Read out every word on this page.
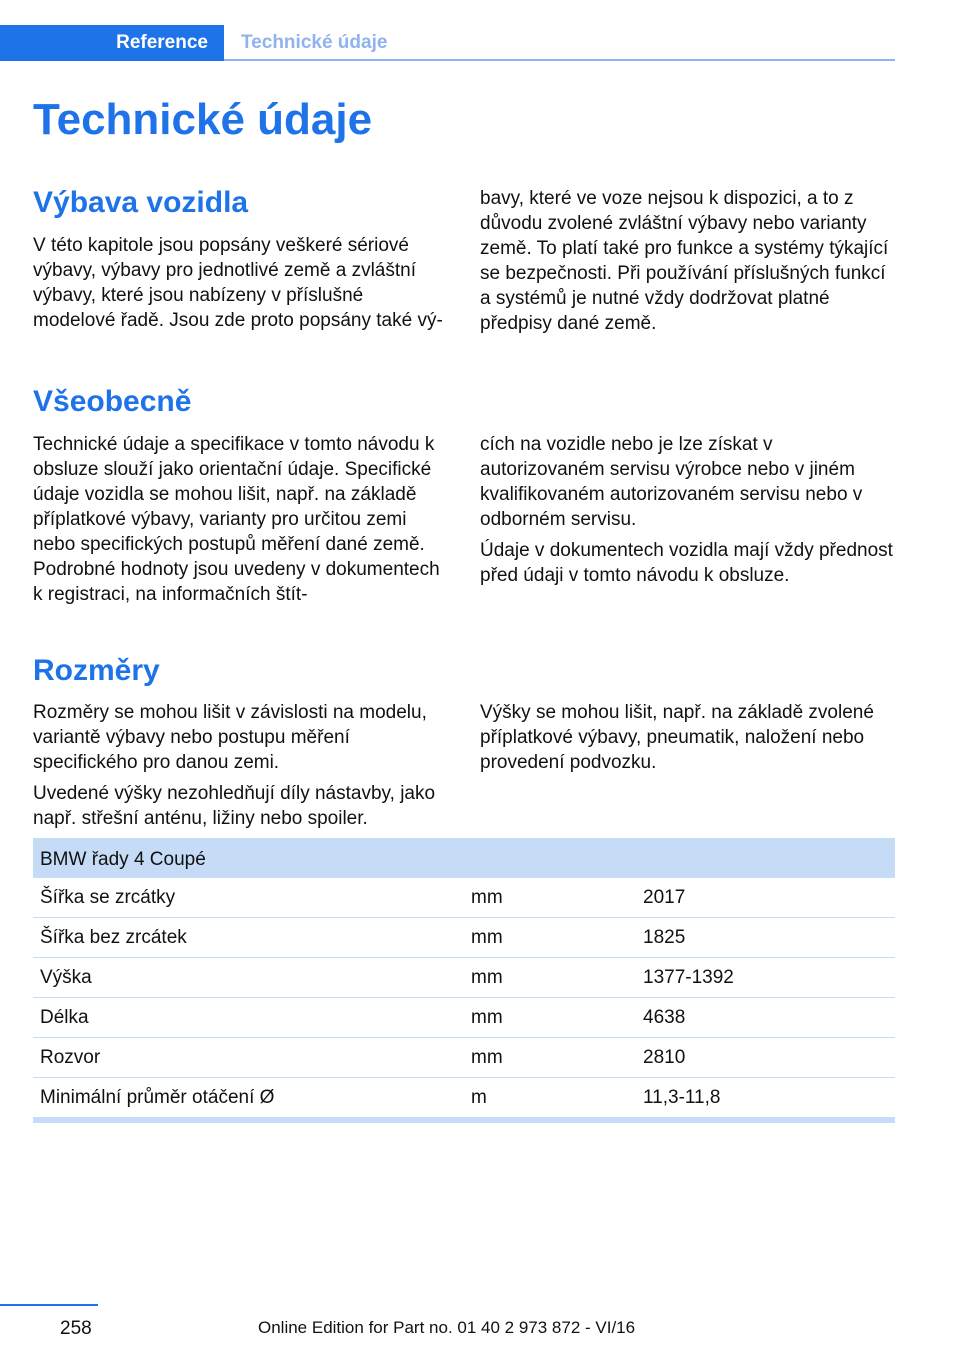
Reference Technické údaje
Technické údaje
Výbava vozidla

V této kapitole jsou popsány veškeré sériové výbavy, výbavy pro jednotlivé země a zvláštní výbavy, které jsou nabízeny v příslušné modelové řadě. Jsou zde proto popsány také vý-

bavy, které ve voze nejsou k dispozici, a to z důvodu zvolené zvláštní výbavy nebo varianty země. To platí také pro funkce a systémy týkající se bezpečnosti. Při používání příslušných funkcí a systémů je nutné vždy dodržovat platné předpisy dané země.

Všeobecně

Technické údaje a specifikace v tomto návodu k obsluze slouží jako orientační údaje. Specifické údaje vozidla se mohou lišit, např. na základě příplatkové výbavy, varianty pro určitou zemi nebo specifických postupů měření dané země. Podrobné hodnoty jsou uvedeny v dokumentech k registraci, na informačních štít-

cích na vozidle nebo je lze získat v autorizovaném servisu výrobce nebo v jiném kvalifikovaném autorizovaném servisu nebo v odborném servisu.

Údaje v dokumentech vozidla mají vždy přednost před údaji v tomto návodu k obsluze.

Rozměry

Rozměry se mohou lišit v závislosti na modelu, variantě výbavy nebo postupu měření specifického pro danou zemi.

Uvedené výšky nezohledňují díly nástavby, jako např. střešní anténu, ližiny nebo spoiler.

Výšky se mohou lišit, např. na základě zvolené příplatkové výbavy, pneumatik, naložení nebo provedení podvozku.

BMW řady 4 Coupé
Šířka se zrcátky	mm	2017
Šířka bez zrcátek	mm	1825
Výška	mm	1377-1392
Délka	mm	4638
Rozvor	mm	2810
Minimální průměr otáčení Ø	m	11,3-11,8
258	Online Edition for Part no. 01 40 2 973 872 - VI/16
